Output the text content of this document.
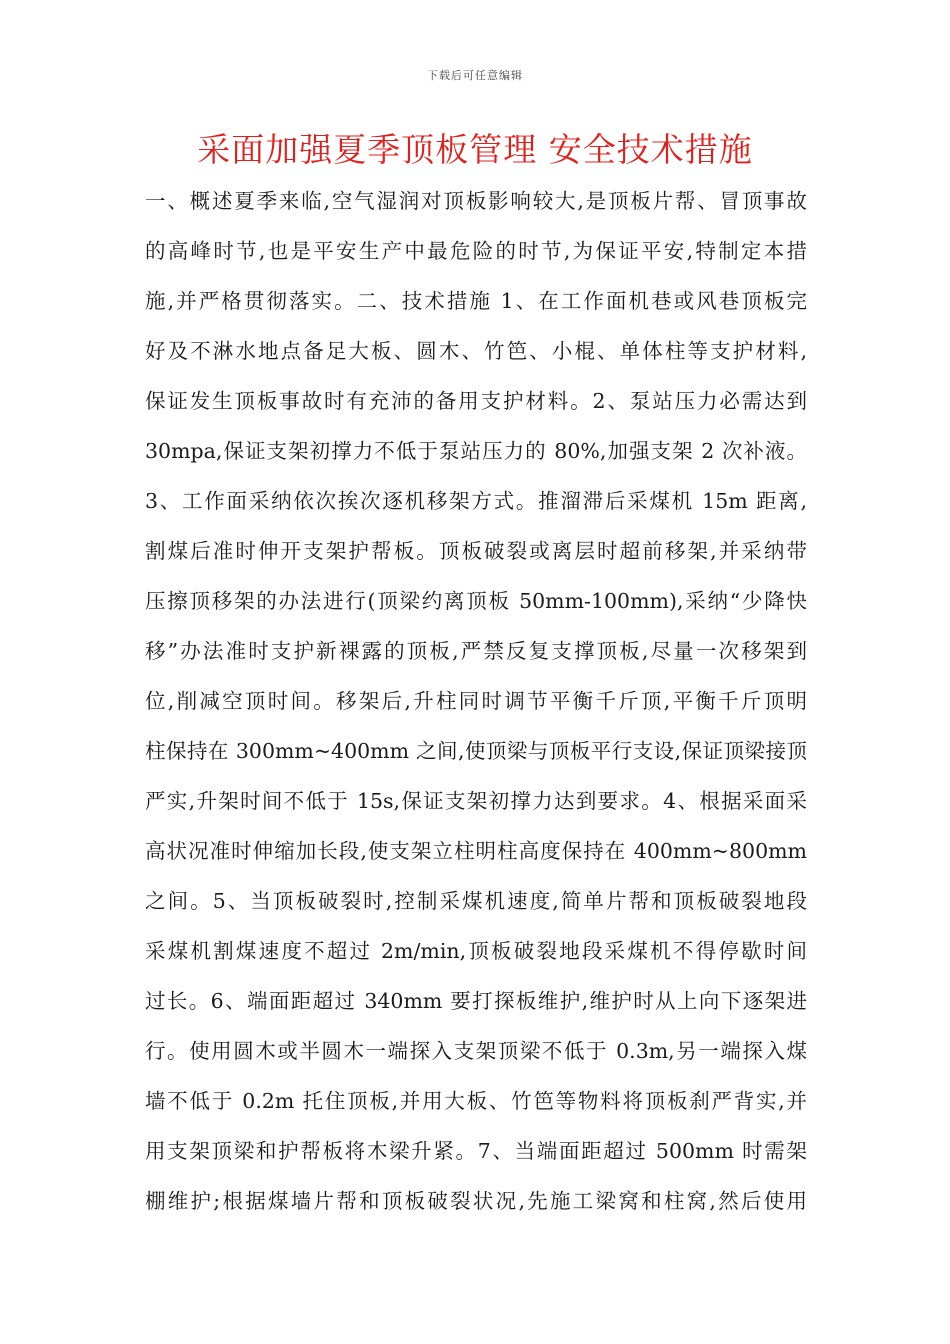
下载后可任意编辑
采面加强夏季顶板管理 安全技术措施
一、概述夏季来临,空气湿润对顶板影响较大,是顶板片帮、冒顶事故
的高峰时节,也是平安生产中最危险的时节,为保证平安,特制定本措
施,并严格贯彻落实。二、技术措施 1、在工作面机巷或风巷顶板完
好及不淋水地点备足大板、圆木、竹笆、小棍、单体柱等支护材料,
保证发生顶板事故时有充沛的备用支护材料。2、泵站压力必需达到
30mpa,保证支架初撑力不低于泵站压力的 80%,加强支架 2 次补液。
3、工作面采纳依次挨次逐机移架方式。推溜滞后采煤机 15m 距离,
割煤后准时伸开支架护帮板。顶板破裂或离层时超前移架,并采纳带
压擦顶移架的办法进行(顶梁约离顶板 50mm-100mm),采纳“少降快
移”办法准时支护新裸露的顶板,严禁反复支撑顶板,尽量一次移架到
位,削减空顶时间。移架后,升柱同时调节平衡千斤顶,平衡千斤顶明
柱保持在 300mm~400mm 之间,使顶梁与顶板平行支设,保证顶梁接顶
严实,升架时间不低于 15s,保证支架初撑力达到要求。4、根据采面采
高状况准时伸缩加长段,使支架立柱明柱高度保持在 400mm~800mm
之间。5、当顶板破裂时,控制采煤机速度,简单片帮和顶板破裂地段
采煤机割煤速度不超过 2m/min,顶板破裂地段采煤机不得停歇时间
过长。6、端面距超过 340mm 要打探板维护,维护时从上向下逐架进
行。使用圆木或半圆木一端探入支架顶梁不低于 0.3m,另一端探入煤
墙不低于 0.2m 托住顶板,并用大板、竹笆等物料将顶板刹严背实,并
用支架顶梁和护帮板将木梁升紧。7、当端面距超过 500mm 时需架
棚维护;根据煤墙片帮和顶板破裂状况,先施工梁窝和柱窝,然后使用
